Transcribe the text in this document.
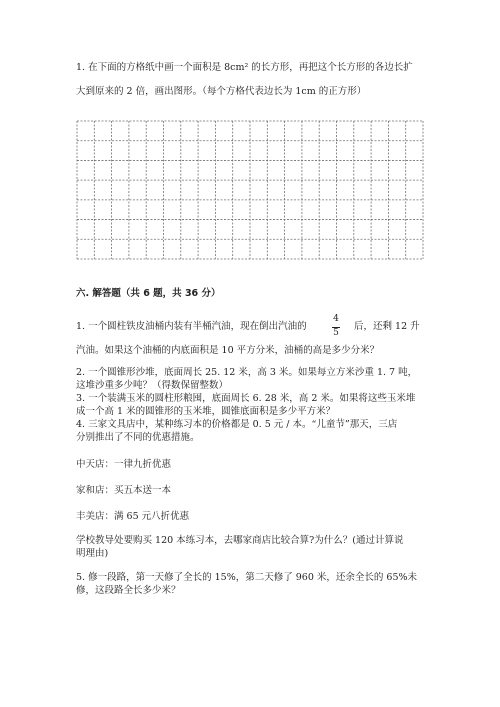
1. 在下面的方格纸中画一个面积是 8cm² 的长方形，再把这个长方形的各边长扩
大到原来的 2 倍，画出图形。（每个方格代表边长为 1cm 的正方形）
六. 解答题（共 6 题，共 36 分）
1. 一个圆柱铁皮油桶内装有半桶汽油，现在倒出汽油的
4
5
后，还剩 12 升
汽油。如果这个油桶的内底面积是 10 平方分米，油桶的高是多少分米？
2. 一个圆锥形沙堆，底面周长 25. 12 米，高 3 米。如果每立方米沙重 1. 7 吨，
这堆沙重多少吨？（得数保留整数）
3. 一个装满玉米的圆柱形粮囤，底面周长 6. 28 米，高 2 米。如果将这些玉米堆
成一个高 1 米的圆锥形的玉米堆，圆锥底面积是多少平方米？
4. 三家文具店中，某种练习本的价格都是 0. 5 元 / 本。“儿童节”那天，三店
分别推出了不同的优惠措施。
中天店：一律九折优惠
家和店：买五本送一本
丰美店：满 65 元八折优惠
学校教导处要购买 120 本练习本，去哪家商店比较合算?为什么？(通过计算说
明理由)
5. 修一段路，第一天修了全长的 15%，第二天修了 960 米，还余全长的 65%未
修，这段路全长多少米？
